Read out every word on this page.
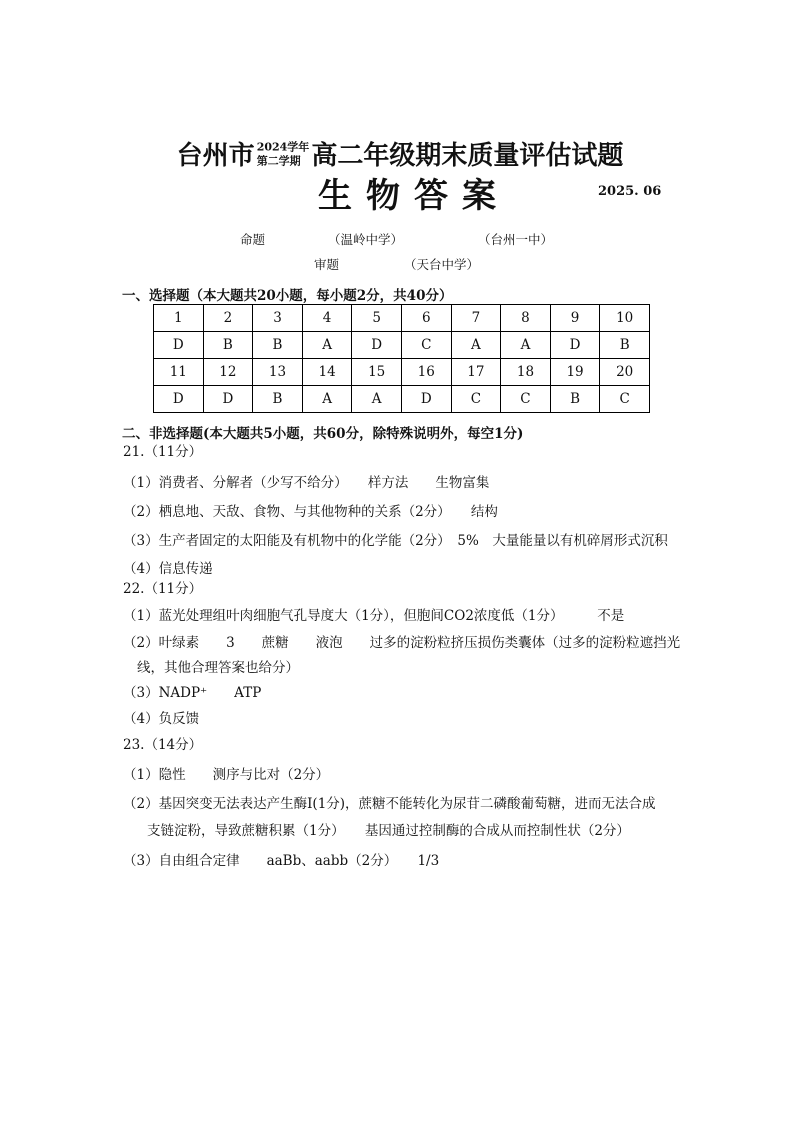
台州市 2024学年
第二学期 高二年级期末质量评估试题
生物答案	2025. 06
命题	（温岭中学）	（台州一中）
审题	（天台中学）
一、选择题（本大题共20小题，每小题2分，共40分）
1	2	3	4	5	6	7	8	9	10
D	B	B	A	D	C	A	A	D	B
11	12	13	14	15	16	17	18	19	20
D	D	B	A	A	D	C	C	B	C
二、非选择题(本大题共5小题，共60分，除特殊说明外，每空1分)
21.（11分）
（1）消费者、分解者（少写不给分）　　样方法　　生物富集
（2）栖息地、天敌、食物、与其他物种的关系（2分）　　结构
（3）生产者固定的太阳能及有机物中的化学能（2分）　5%　大量能量以有机碎屑形式沉积
（4）信息传递
22.（11分）
（1）蓝光处理组叶肉细胞气孔导度大（1分），但胞间CO2浓度低（1分）　　　不是
（2）叶绿素　　3　　蔗糖　　液泡　　过多的淀粉粒挤压损伤类囊体（过多的淀粉粒遮挡光
线，其他合理答案也给分）
（3）NADP⁺　　ATP
（4）负反馈
23.（14分）
（1）隐性　　测序与比对（2分）
（2）基因突变无法表达产生酶I(1分)，蔗糖不能转化为尿苷二磷酸葡萄糖，进而无法合成
支链淀粉，导致蔗糖积累（1分）　　基因通过控制酶的合成从而控制性状（2分）
（3）自由组合定律　　aaBb、aabb（2分）　　1/3
